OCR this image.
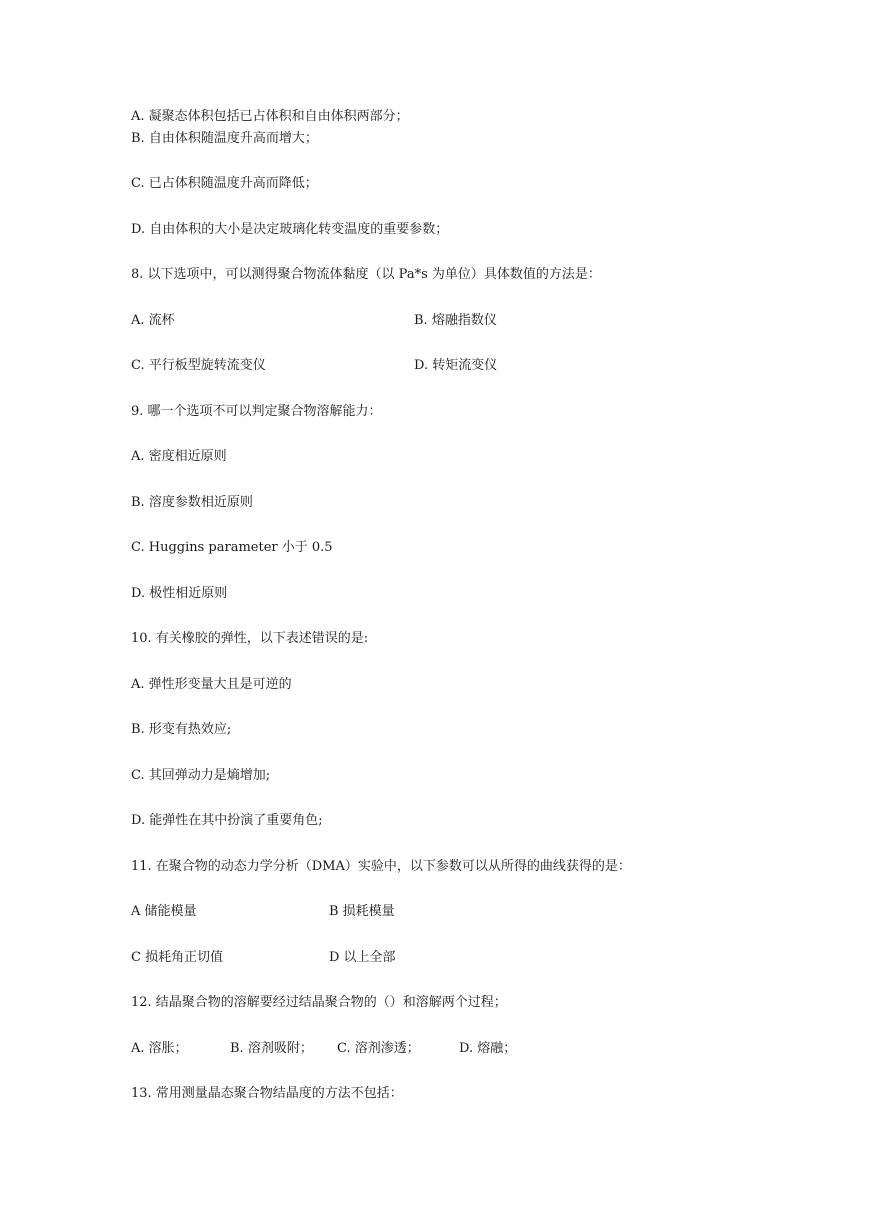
A. 凝聚态体积包括已占体积和自由体积两部分；
B. 自由体积随温度升高而增大；
C. 已占体积随温度升高而降低；
D. 自由体积的大小是决定玻璃化转变温度的重要参数；
8. 以下选项中，可以测得聚合物流体黏度（以 Pa*s 为单位）具体数值的方法是：
A. 流杯	B. 熔融指数仪
C. 平行板型旋转流变仪	D. 转矩流变仪
9. 哪一个选项不可以判定聚合物溶解能力：
A. 密度相近原则
B. 溶度参数相近原则
C. Huggins parameter 小于 0.5
D. 极性相近原则
10. 有关橡胶的弹性，以下表述错误的是:
A. 弹性形变量大且是可逆的
B. 形变有热效应;
C. 其回弹动力是熵增加;
D. 能弹性在其中扮演了重要角色;
11. 在聚合物的动态力学分析（DMA）实验中，以下参数可以从所得的曲线获得的是：
A 储能模量	B 损耗模量
C 损耗角正切值	D 以上全部
12. 结晶聚合物的溶解要经过结晶聚合物的（）和溶解两个过程；
A. 溶胀；	B. 溶剂吸附； C. 溶剂渗透；	D. 熔融；
13. 常用测量晶态聚合物结晶度的方法不包括：
